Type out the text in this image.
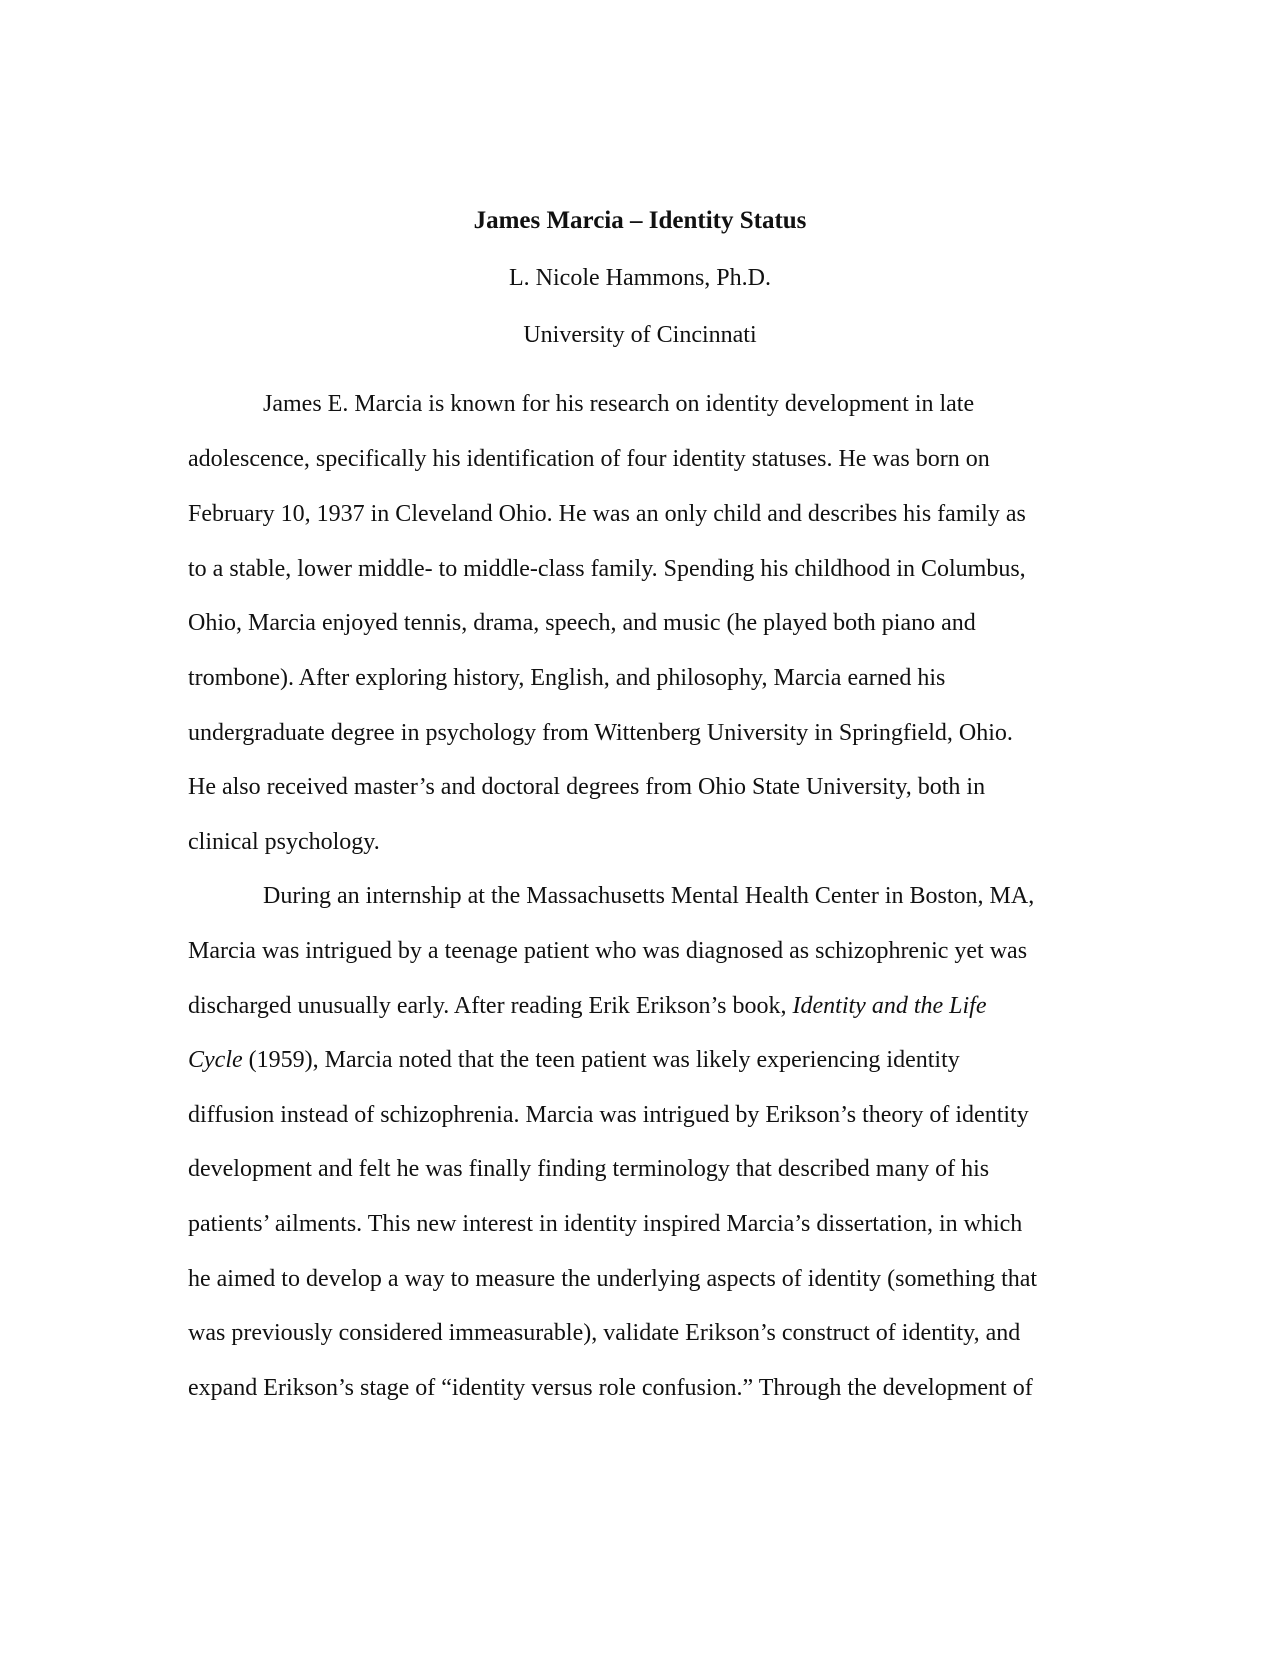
James Marcia – Identity Status
L. Nicole Hammons, Ph.D.
University of Cincinnati
James E. Marcia is known for his research on identity development in late
adolescence, specifically his identification of four identity statuses. He was born on
February 10, 1937 in Cleveland Ohio. He was an only child and describes his family as
to a stable, lower middle- to middle-class family. Spending his childhood in Columbus,
Ohio, Marcia enjoyed tennis, drama, speech, and music (he played both piano and
trombone). After exploring history, English, and philosophy, Marcia earned his
undergraduate degree in psychology from Wittenberg University in Springfield, Ohio.
He also received master’s and doctoral degrees from Ohio State University, both in
clinical psychology.
During an internship at the Massachusetts Mental Health Center in Boston, MA,
Marcia was intrigued by a teenage patient who was diagnosed as schizophrenic yet was
discharged unusually early. After reading Erik Erikson’s book, Identity and the Life
Cycle (1959), Marcia noted that the teen patient was likely experiencing identity
diffusion instead of schizophrenia. Marcia was intrigued by Erikson’s theory of identity
development and felt he was finally finding terminology that described many of his
patients’ ailments. This new interest in identity inspired Marcia’s dissertation, in which
he aimed to develop a way to measure the underlying aspects of identity (something that
was previously considered immeasurable), validate Erikson’s construct of identity, and
expand Erikson’s stage of “identity versus role confusion.” Through the development of
